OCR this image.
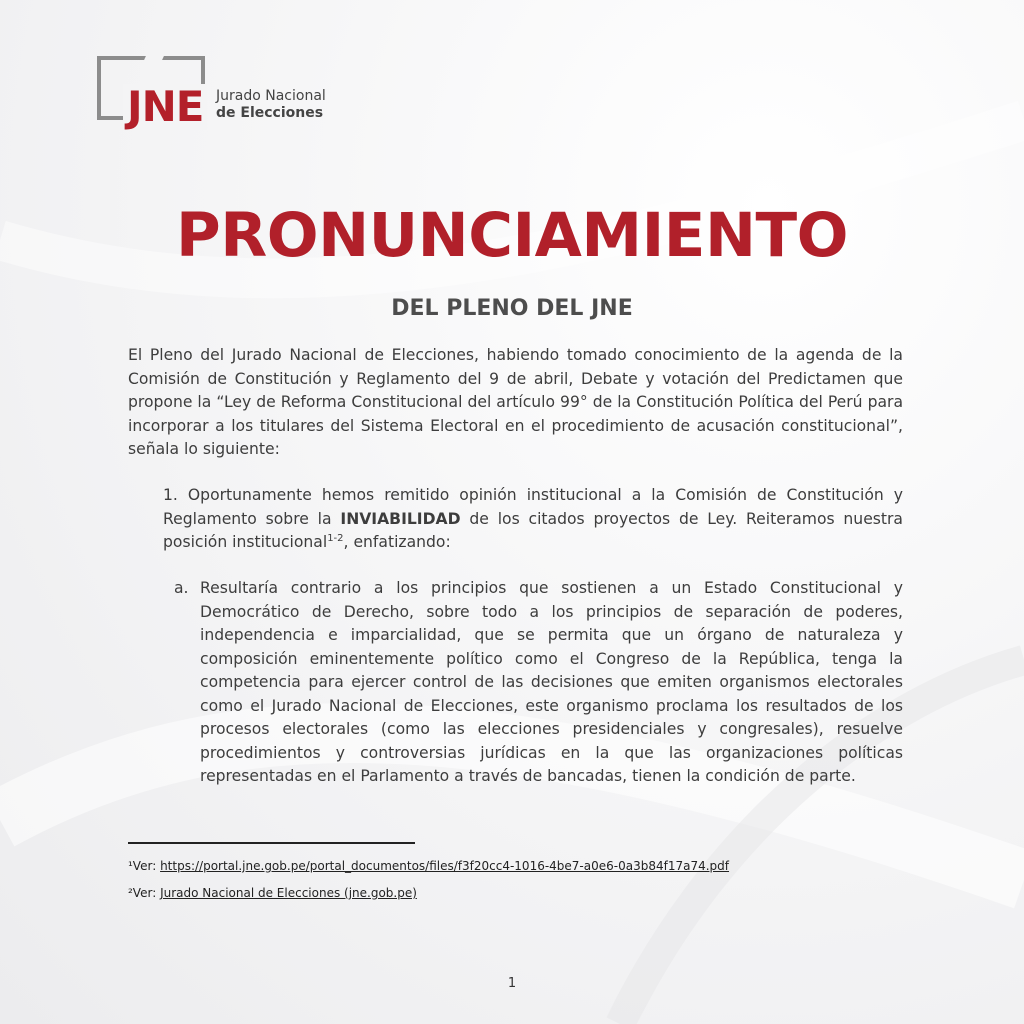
JNE Jurado Nacional
de Elecciones
PRONUNCIAMIENTO
DEL PLENO DEL JNE

El Pleno del Jurado Nacional de Elecciones, habiendo tomado conocimiento de la agenda de la Comisión de Constitución y Reglamento del 9 de abril, Debate y votación del Predictamen que propone la “Ley de Reforma Constitucional del artículo 99° de la Constitución Política del Perú para incorporar a los titulares del Sistema Electoral en el procedimiento de acusación constitucional”, señala lo siguiente:

1. Oportunamente hemos remitido opinión institucional a la Comisión de Constitución y Reglamento sobre la INVIABILIDAD de los citados proyectos de Ley. Reiteramos nuestra posición institucional$^{1-2}$, enfatizando:

a. Resultaría contrario a los principios que sostienen a un Estado Constitucional y Democrático de Derecho, sobre todo a los principios de separación de poderes, independencia e imparcialidad, que se permita que un órgano de naturaleza y composición eminentemente político como el Congreso de la República, tenga la competencia para ejercer control de las decisiones que emiten organismos electorales como el Jurado Nacional de Elecciones, este organismo proclama los resultados de los procesos electorales (como las elecciones presidenciales y congresales), resuelve procedimientos y controversias jurídicas en la que las organizaciones políticas representadas en el Parlamento a través de bancadas, tienen la condición de parte.

¹Ver: https://portal.jne.gob.pe/portal_documentos/files/f3f20cc4-1016-4be7-a0e6-0a3b84f17a74.pdf
²Ver: Jurado Nacional de Elecciones (jne.gob.pe)
1
